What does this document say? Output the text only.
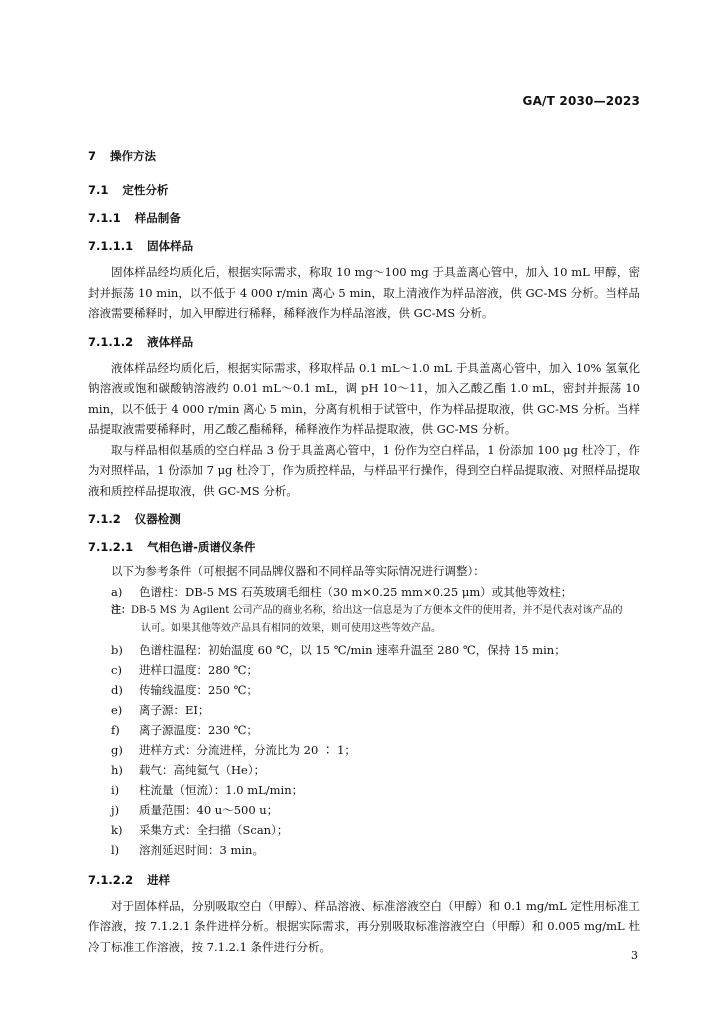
GA/T 2030—2023
7 操作方法
7.1 定性分析
7.1.1 样品制备
7.1.1.1 固体样品

固体样品经均质化后，根据实际需求，称取 10 mg～100 mg 于具盖离心管中，加入 10 mL 甲醇，密封并振荡 10 min，以不低于 4 000 r/min 离心 5 min，取上清液作为样品溶液，供 GC-MS 分析。当样品溶液需要稀释时，加入甲醇进行稀释，稀释液作为样品溶液，供 GC-MS 分析。

7.1.1.2 液体样品

液体样品经均质化后，根据实际需求，移取样品 0.1 mL～1.0 mL 于具盖离心管中，加入 10% 氢氧化钠溶液或饱和碳酸钠溶液约 0.01 mL～0.1 mL，调 pH 10～11，加入乙酸乙酯 1.0 mL，密封并振荡 10 min，以不低于 4 000 r/min 离心 5 min，分离有机相于试管中，作为样品提取液，供 GC-MS 分析。当样品提取液需要稀释时，用乙酸乙酯稀释，稀释液作为样品提取液，供 GC-MS 分析。

取与样品相似基质的空白样品 3 份于具盖离心管中，1 份作为空白样品，1 份添加 100 μg 杜冷丁，作为对照样品，1 份添加 7 μg 杜冷丁，作为质控样品，与样品平行操作，得到空白样品提取液、对照样品提取液和质控样品提取液，供 GC-MS 分析。

7.1.2 仪器检测
7.1.2.1 气相色谱-质谱仪条件

以下为参考条件（可根据不同品牌仪器和不同样品等实际情况进行调整）：

a) 色谱柱：DB-5 MS 石英玻璃毛细柱（30 m×0.25 mm×0.25 μm）或其他等效柱；

注：DB-5 MS 为 Agilent 公司产品的商业名称，给出这一信息是为了方便本文件的使用者，并不是代表对该产品的
认可。如果其他等效产品具有相同的效果，则可使用这些等效产品。

b) 色谱柱温程：初始温度 60 ℃，以 15 ℃/min 速率升温至 280 ℃，保持 15 min；

c) 进样口温度：280 ℃；

d) 传输线温度：250 ℃；

e) 离子源：EI；

f) 离子源温度：230 ℃；

g) 进样方式：分流进样，分流比为 20 ∶ 1；

h) 载气：高纯氦气（He）；

i) 柱流量（恒流）：1.0 mL/min；

j) 质量范围：40 u～500 u；

k) 采集方式：全扫描（Scan）；

l) 溶剂延迟时间：3 min。

7.1.2.2 进样

对于固体样品，分别吸取空白（甲醇）、样品溶液、标准溶液空白（甲醇）和 0.1 mg/mL 定性用标准工作溶液，按 7.1.2.1 条件进样分析。根据实际需求，再分别吸取标准溶液空白（甲醇）和 0.005 mg/mL 杜冷丁标准工作溶液，按 7.1.2.1 条件进行分析。

3
